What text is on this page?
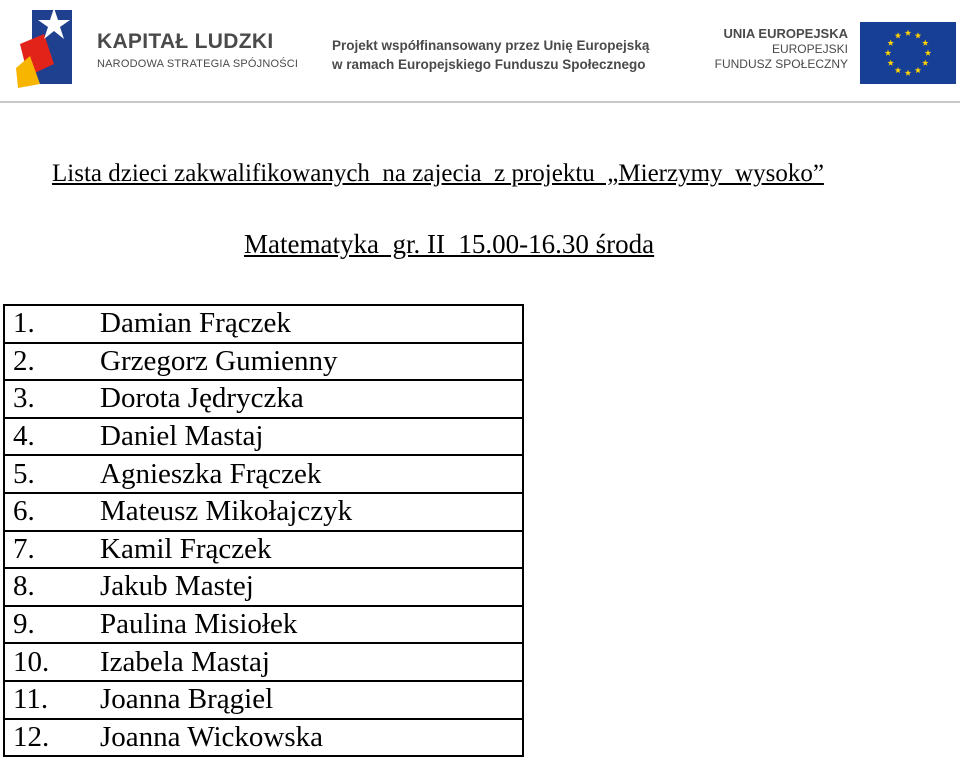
KAPITAŁ LUDZKI
NARODOWA STRATEGIA SPÓJNOŚCI
Projekt współfinansowany przez Unię Europejską
w ramach Europejskiego Funduszu Społecznego
UNIA EUROPEJSKA
EUROPEJSKI
FUNDUSZ SPOŁECZNY
Lista dzieci zakwalifikowanych  na zajecia  z projektu  „Mierzymy  wysoko”
Matematyka  gr. II  15.00-16.30 środa
1.	Damian Frączek
2.	Grzegorz Gumienny
3.	Dorota Jędryczka
4.	Daniel Mastaj
5.	Agnieszka Frączek
6.	Mateusz Mikołajczyk
7.	Kamil Frączek
8.	Jakub Mastej
9.	Paulina Misiołek
10.	Izabela Mastaj
11.	Joanna Brągiel
12.	Joanna Wickowska
